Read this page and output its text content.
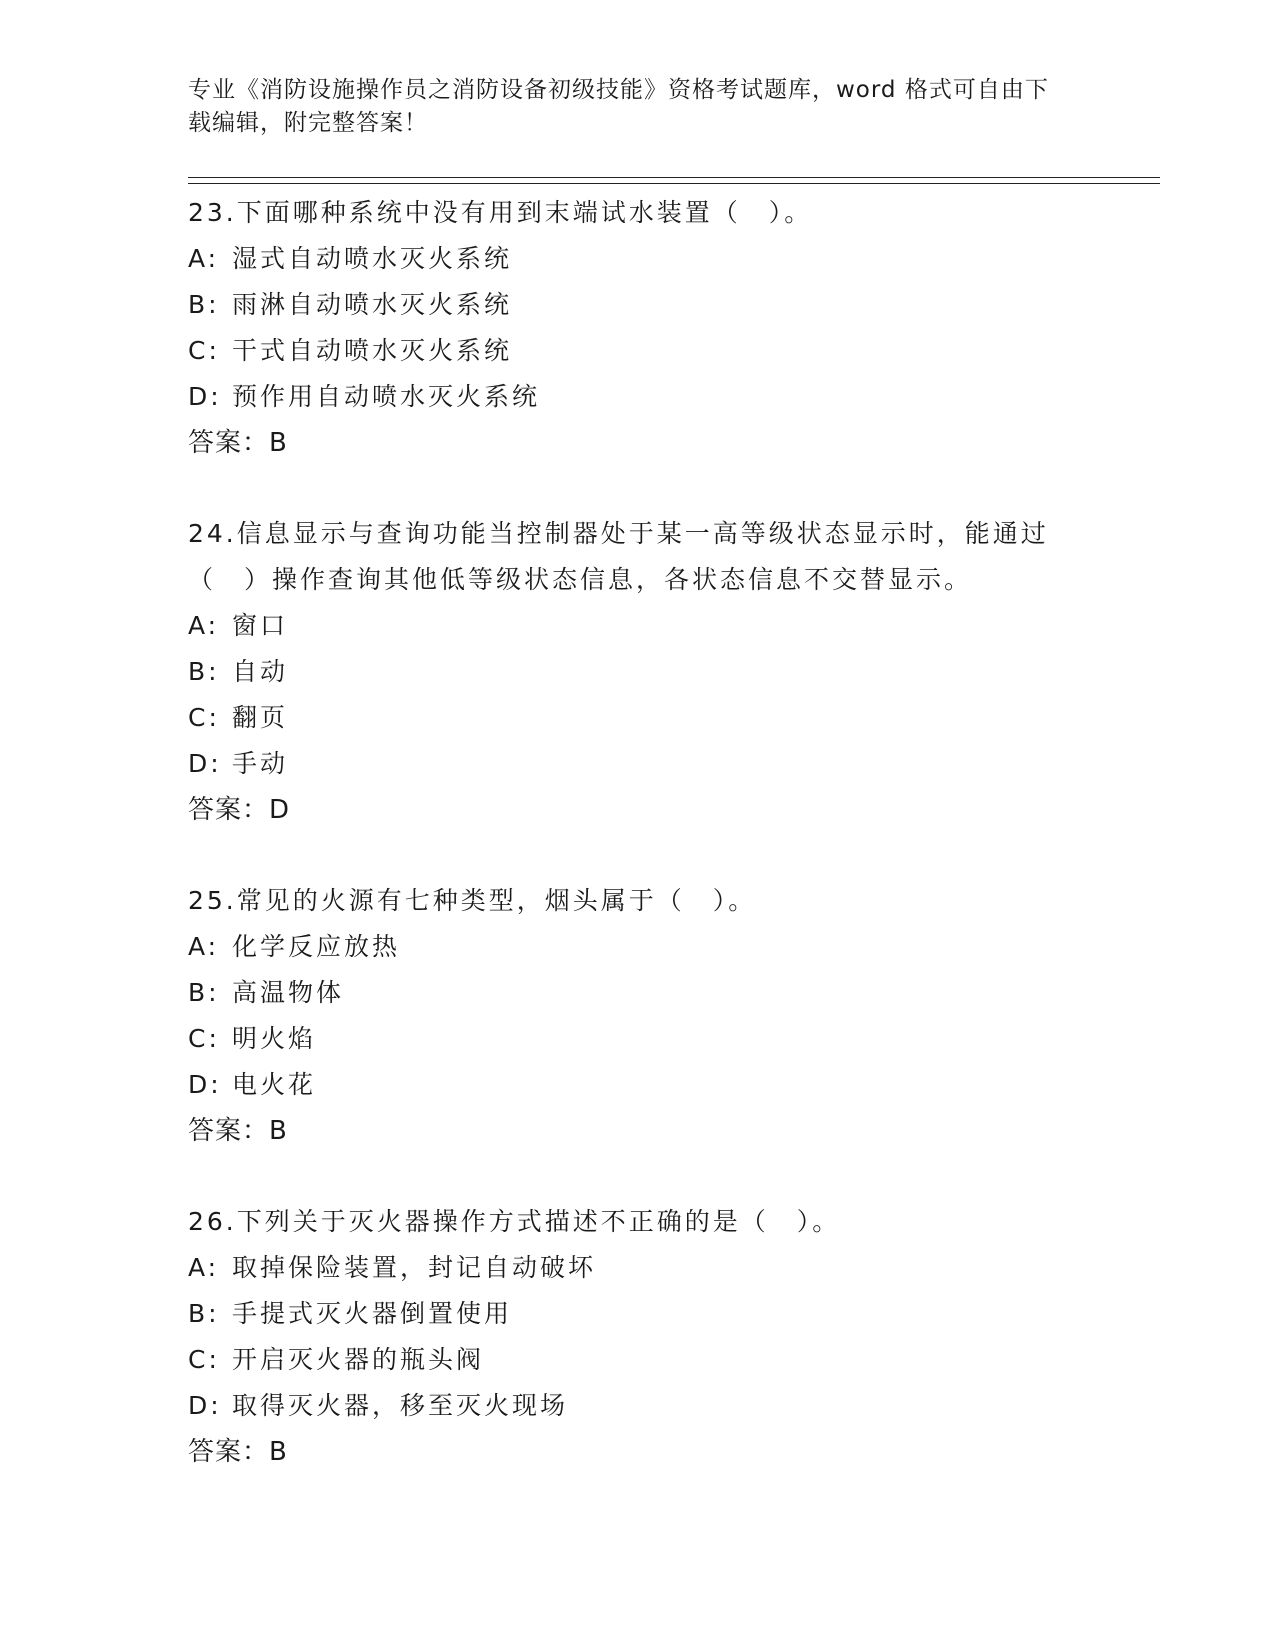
专业《消防设施操作员之消防设备初级技能》资格考试题库，word 格式可自由下
载编辑，附完整答案！

23.下面哪种系统中没有用到末端试水装置（　）。

A: 湿式自动喷水灭火系统

B: 雨淋自动喷水灭火系统

C: 干式自动喷水灭火系统

D: 预作用自动喷水灭火系统

答案：B

24.信息显示与查询功能当控制器处于某一高等级状态显示时，能通过（　）操作查询其他低等级状态信息，各状态信息不交替显示。

A: 窗口

B: 自动

C: 翻页

D: 手动

答案：D

25.常见的火源有七种类型，烟头属于（　）。

A: 化学反应放热

B: 高温物体

C: 明火焰

D: 电火花

答案：B

26.下列关于灭火器操作方式描述不正确的是（　）。

A: 取掉保险装置，封记自动破坏

B: 手提式灭火器倒置使用

C: 开启灭火器的瓶头阀

D: 取得灭火器，移至灭火现场

答案：B
